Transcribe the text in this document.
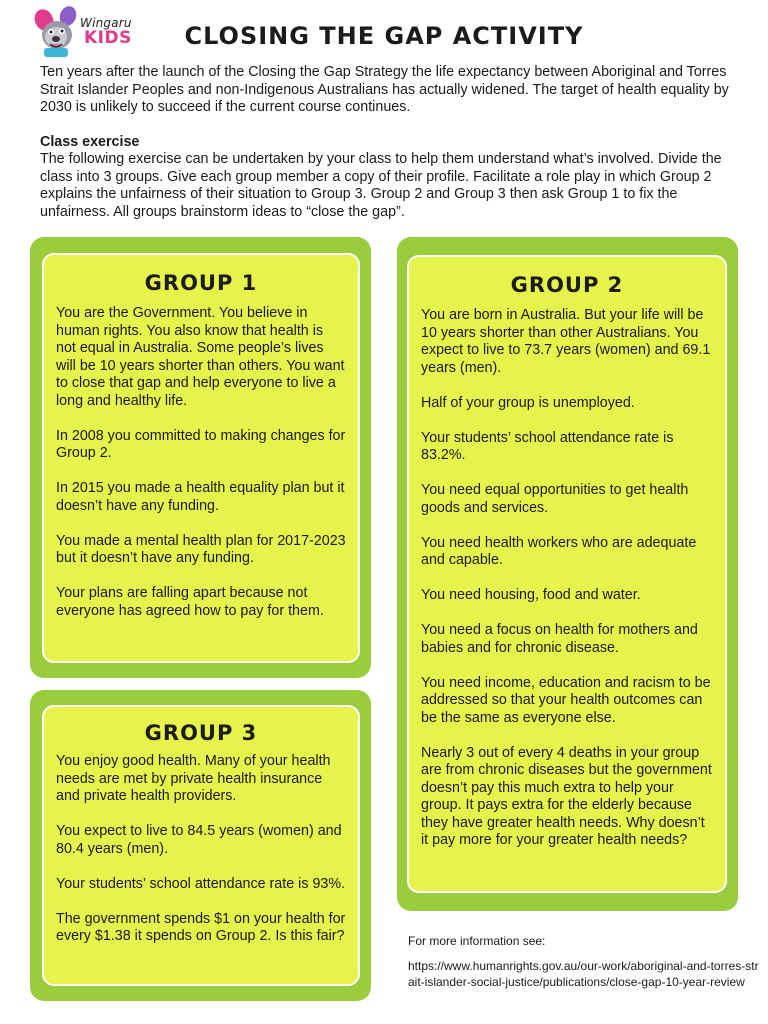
Wingaru
KIDS	CLOSING THE GAP ACTIVITY
Ten years after the launch of the Closing the Gap Strategy the life expectancy between Aboriginal and Torres Strait Islander Peoples and non-Indigenous Australians has actually widened. The target of health equality by 2030 is unlikely to succeed if the current course continues.
Class exercise
The following exercise can be undertaken by your class to help them understand what’s involved. Divide the class into 3 groups. Give each group member a copy of their profile. Facilitate a role play in which Group 2 explains the unfairness of their situation to Group 3. Group 2 and Group 3 then ask Group 1 to fix the unfairness. All groups brainstorm ideas to “close the gap”.
GROUP 1

You are the Government. You believe in human rights. You also know that health is not equal in Australia. Some people’s lives will be 10 years shorter than others. You want to close that gap and help everyone to live a long and healthy life.

In 2008 you committed to making changes for Group 2.

In 2015 you made a health equality plan but it doesn’t have any funding.

You made a mental health plan for 2017-2023 but it doesn’t have any funding.

Your plans are falling apart because not everyone has agreed how to pay for them.

GROUP 3

You enjoy good health. Many of your health needs are met by private health insurance and private health providers.

You expect to live to 84.5 years (women) and 80.4 years (men).

Your students’ school attendance rate is 93%.

The government spends $1 on your health for every $1.38 it spends on Group 2. Is this fair?

GROUP 2

You are born in Australia. But your life will be 10 years shorter than other Australians. You expect to live to 73.7 years (women) and 69.1 years (men).

Half of your group is unemployed.

Your students’ school attendance rate is 83.2%.

You need equal opportunities to get health goods and services.

You need health workers who are adequate and capable.

You need housing, food and water.

You need a focus on health for mothers and babies and for chronic disease.

You need income, education and racism to be addressed so that your health outcomes can be the same as everyone else.

Nearly 3 out of every 4 deaths in your group are from chronic diseases but the government doesn’t pay this much extra to help your group. It pays extra for the elderly because they have greater health needs. Why doesn’t it pay more for your greater health needs?

For more information see:
https://www.humanrights.gov.au/our-work/aboriginal-and-torres-strait-islander-social-justice/publications/close-gap-10-year-review
